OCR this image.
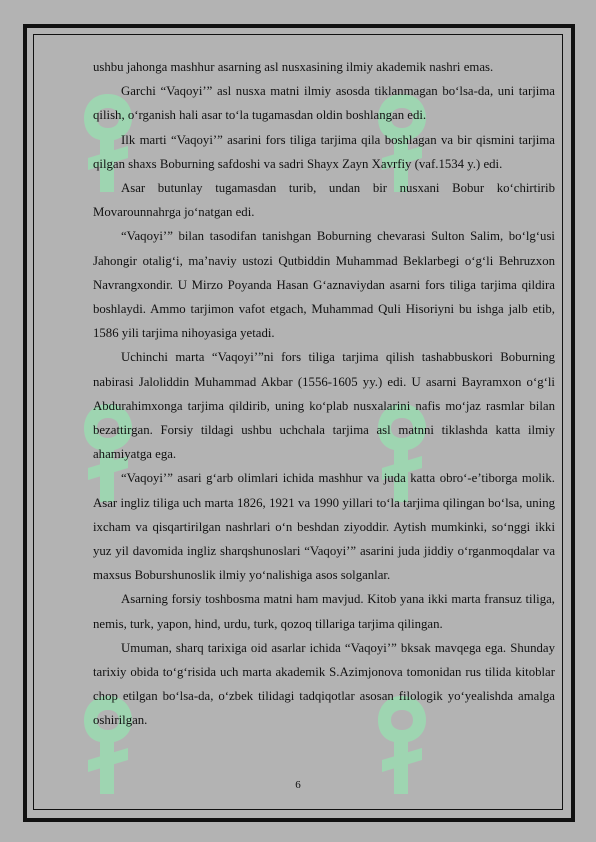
ushbu jahonga mashhur asarning asl nusxasining ilmiy akademik nashri emas.

Garchi “Vaqoyi’” asl nusxa matni ilmiy asosda tiklanmagan bo‘lsa-da, uni tarjima qilish, o‘rganish hali asar to‘la tugamasdan oldin boshlangan edi.

Ilk marti “Vaqoyi’” asarini fors tiliga tarjima qila boshlagan va bir qismini tarjima qilgan shaxs Boburning safdoshi va sadri Shayx Zayn Xavrfiy (vaf.1534 y.) edi.

Asar butunlay tugamasdan turib, undan bir nusxani Bobur ko‘chirtirib Movarounnahrga jo‘natgan edi.

“Vaqoyi’” bilan tasodifan tanishgan Boburning chevarasi Sulton Salim, bo‘lg‘usi Jahongir otalig‘i, ma’naviy ustozi Qutbiddin Muhammad Beklarbegi o‘g‘li Behruzxon Navrangxondir. U Mirzo Poyanda Hasan G‘aznaviydan asarni fors tiliga tarjima qildira boshlaydi. Ammo tarjimon vafot etgach, Muhammad Quli Hisoriyni bu ishga jalb etib, 1586 yili tarjima nihoyasiga yetadi.

Uchinchi marta “Vaqoyi’”ni fors tiliga tarjima qilish tashabbuskori Boburning nabirasi Jaloliddin Muhammad Akbar (1556-1605 yy.) edi. U asarni Bayramxon o‘g‘li Abdurahimxonga tarjima qildirib, uning ko‘plab nusxalarini nafis mo‘jaz rasmlar bilan bezattirgan. Forsiy tildagi ushbu uchchala tarjima asl matnni tiklashda katta ilmiy ahamiyatga ega.

“Vaqoyi’” asari g‘arb olimlari ichida mashhur va juda katta obro‘-e’tiborga molik. Asar ingliz tiliga uch marta 1826, 1921 va 1990 yillari to‘la tarjima qilingan bo‘lsa, uning ixcham va qisqartirilgan nashrlari o‘n beshdan ziyoddir. Aytish mumkinki, so‘nggi ikki yuz yil davomida ingliz sharqshunoslari “Vaqoyi’” asarini juda jiddiy o‘rganmoqdalar va maxsus Boburshunoslik ilmiy yo‘nalishiga asos solganlar.

Asarning forsiy toshbosma matni ham mavjud. Kitob yana ikki marta fransuz tiliga, nemis, turk, yapon, hind, urdu, turk, qozoq tillariga tarjima qilingan.

Umuman, sharq tarixiga oid asarlar ichida “Vaqoyi’” bksak mavqega ega. Shunday tarixiy obida to‘g‘risida uch marta akademik S.Azimjonova tomonidan rus tilida kitoblar chop etilgan bo‘lsa-da, o‘zbek tilidagi tadqiqotlar asosan filologik yo‘yealishda amalga oshirilgan.

6
